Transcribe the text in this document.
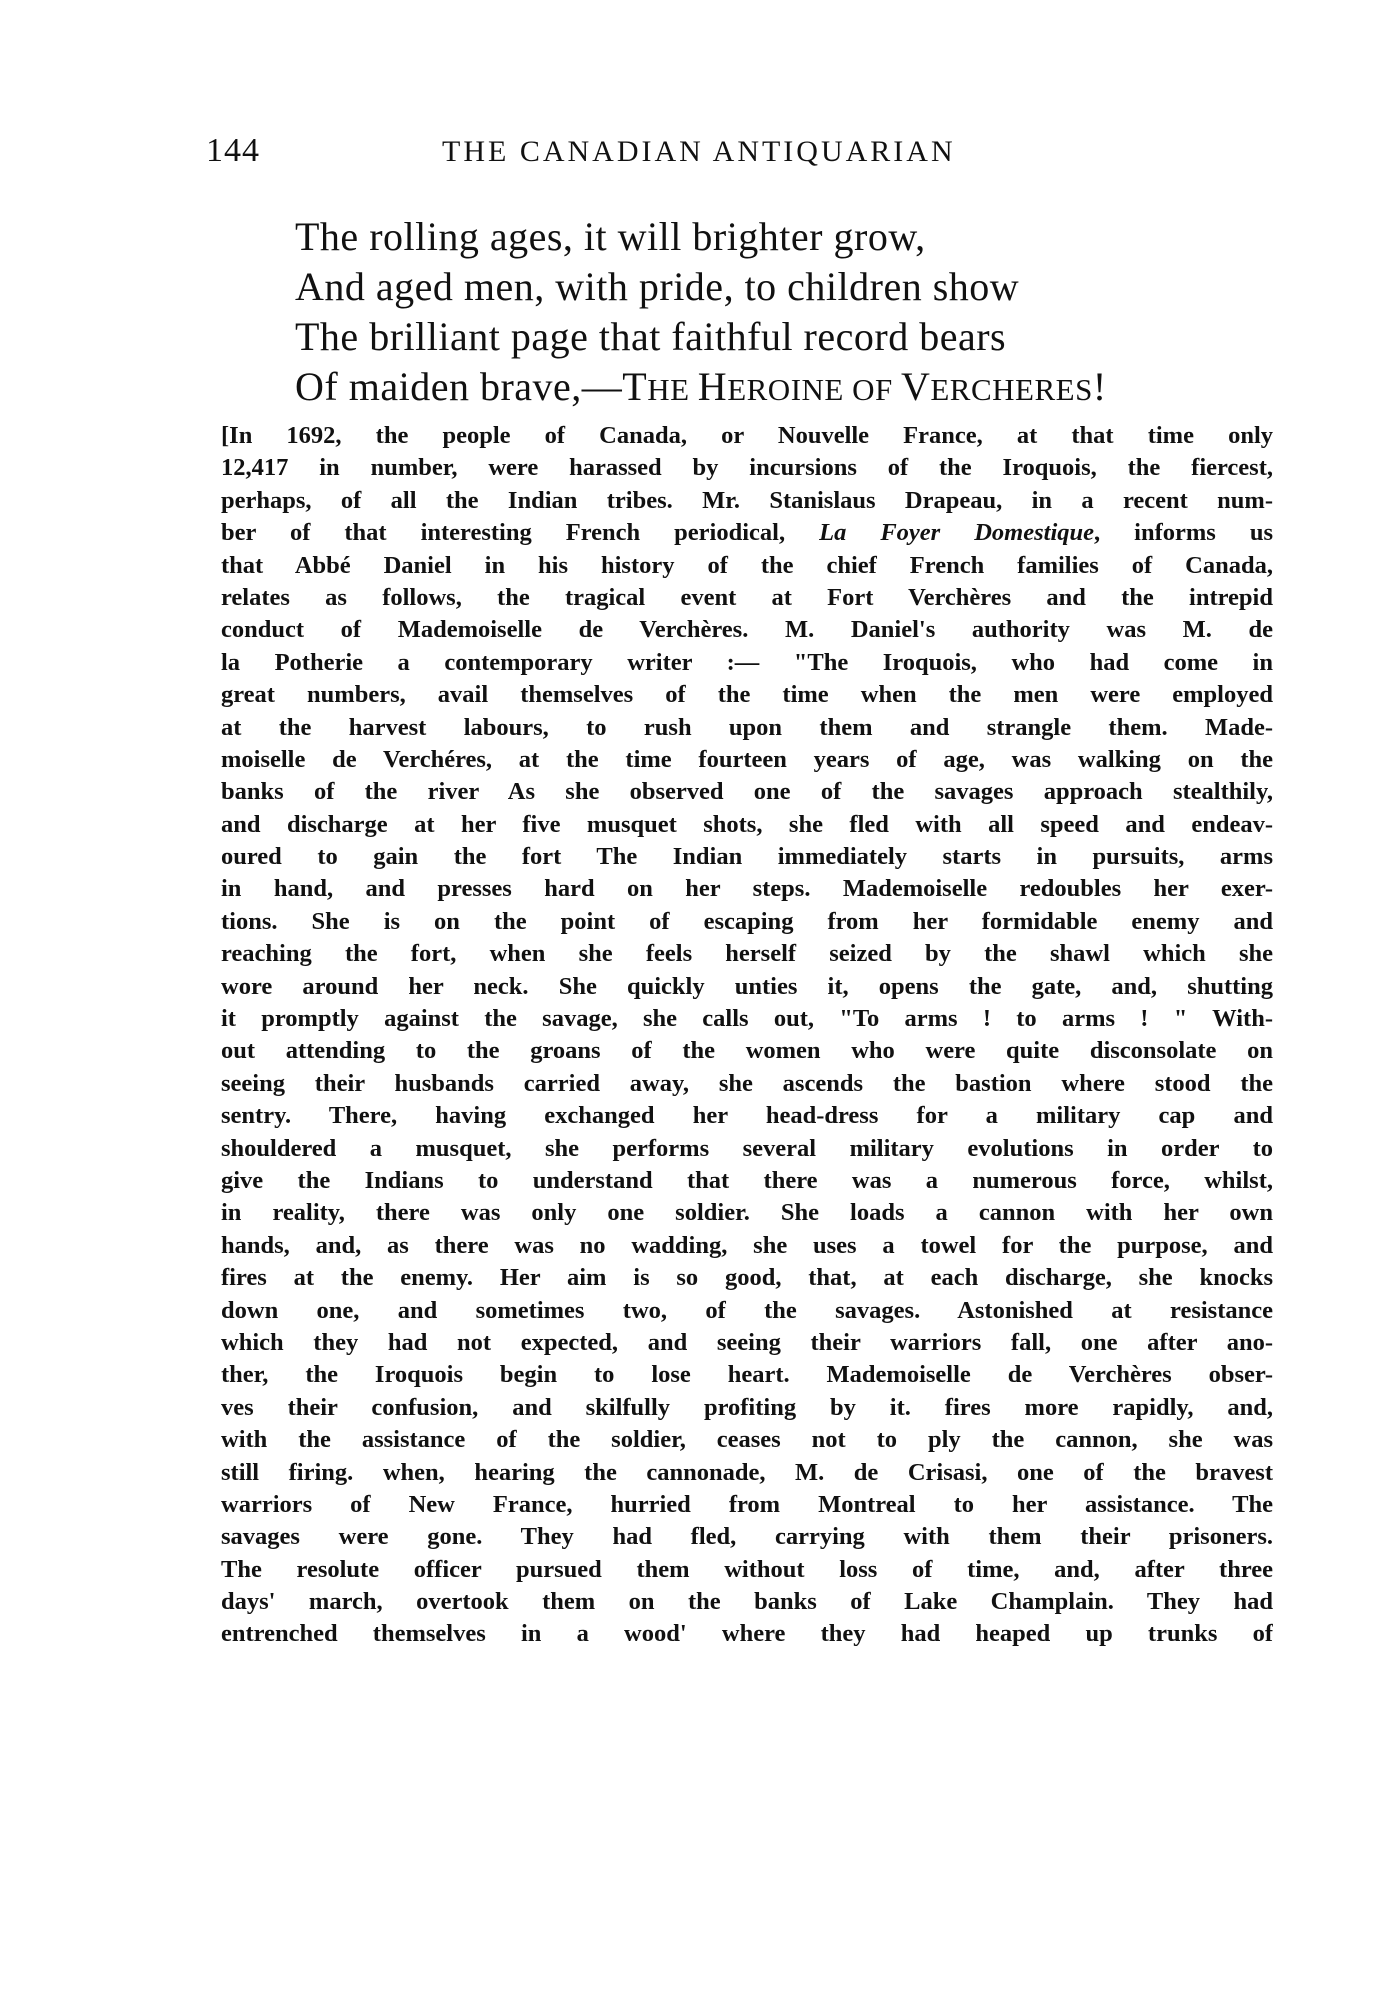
144	THE CANADIAN ANTIQUARIAN
The rolling ages, it will brighter grow,
And aged men, with pride, to children show
The brilliant page that faithful record bears
Of maiden brave,—THE HEROINE OF VERCHERES!
[In 1692, the people of Canada, or Nouvelle France, at that time only
12,417 in number, were harassed by incursions of the Iroquois, the fiercest,
perhaps, of all the Indian tribes. Mr. Stanislaus Drapeau, in a recent num-
ber of that interesting French periodical, La Foyer Domestique, informs us
that Abbé Daniel in his history of the chief French families of Canada,
relates as follows, the tragical event at Fort Verchères and the intrepid
conduct of Mademoiselle de Verchères. M. Daniel's authority was M. de
la Potherie a contemporary writer :— "The Iroquois, who had come in
great numbers, avail themselves of the time when the men were employed
at the harvest labours, to rush upon them and strangle them. Made-
moiselle de Verchéres, at the time fourteen years of age, was walking on the
banks of the river As she observed one of the savages approach stealthily,
and discharge at her five musquet shots, she fled with all speed and endeav-
oured to gain the fort The Indian immediately starts in pursuits, arms
in hand, and presses hard on her steps. Mademoiselle redoubles her exer-
tions. She is on the point of escaping from her formidable enemy and
reaching the fort, when she feels herself seized by the shawl which she
wore around her neck. She quickly unties it, opens the gate, and, shutting
it promptly against the savage, she calls out, "To arms ! to arms ! " With-
out attending to the groans of the women who were quite disconsolate on
seeing their husbands carried away, she ascends the bastion where stood the
sentry. There, having exchanged her head-dress for a military cap and
shouldered a musquet, she performs several military evolutions in order to
give the Indians to understand that there was a numerous force, whilst,
in reality, there was only one soldier. She loads a cannon with her own
hands, and, as there was no wadding, she uses a towel for the purpose, and
fires at the enemy. Her aim is so good, that, at each discharge, she knocks
down one, and sometimes two, of the savages. Astonished at resistance
which they had not expected, and seeing their warriors fall, one after ano-
ther, the Iroquois begin to lose heart. Mademoiselle de Verchères obser-
ves their confusion, and skilfully profiting by it. fires more rapidly, and,
with the assistance of the soldier, ceases not to ply the cannon, she was
still firing. when, hearing the cannonade, M. de Crisasi, one of the bravest
warriors of New France, hurried from Montreal to her assistance. The
savages were gone. They had fled, carrying with them their prisoners.
The resolute officer pursued them without loss of time, and, after three
days' march, overtook them on the banks of Lake Champlain. They had
entrenched themselves in a wood' where they had heaped up trunks of
